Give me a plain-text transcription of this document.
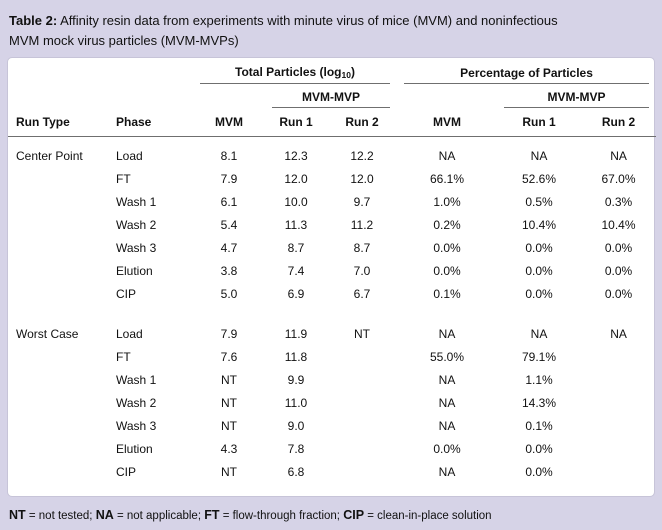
Table 2: Affinity resin data from experiments with minute virus of mice (MVM) and noninfectious MVM mock virus particles (MVM-MVPs)

		Total Particles $(\log_{10})$			Percentage of Particles		

			MVM-MVP			MVM-MVP	

Run Type	Phase	MVM	Run 1	Run 2	MVM	Run 1	Run 2
Center Point	Load	8.1	12.3	12.2	NA	NA	NA
	FT	7.9	12.0	12.0	66.1%	52.6%	67.0%
	Wash 1	6.1	10.0	9.7	1.0%	0.5%	0.3%
	Wash 2	5.4	11.3	11.2	0.2%	10.4%	10.4%
	Wash 3	4.7	8.7	8.7	0.0%	0.0%	0.0%
	Elution	3.8	7.4	7.0	0.0%	0.0%	0.0%
	CIP	5.0	6.9	6.7	0.1%	0.0%	0.0%
Worst Case	Load	7.9	11.9	NT	NA	NA	NA
	FT	7.6	11.8		55.0%	79.1%	
	Wash 1	NT	9.9		NA	1.1%	
	Wash 2	NT	11.0		NA	14.3%	
	Wash 3	NT	9.0		NA	0.1%	
	Elution	4.3	7.8		0.0%	0.0%	
	CIP	NT	6.8		NA	0.0%	
NT = not tested; NA = not applicable; FT = flow-through fraction; CIP = clean-in-place solution
